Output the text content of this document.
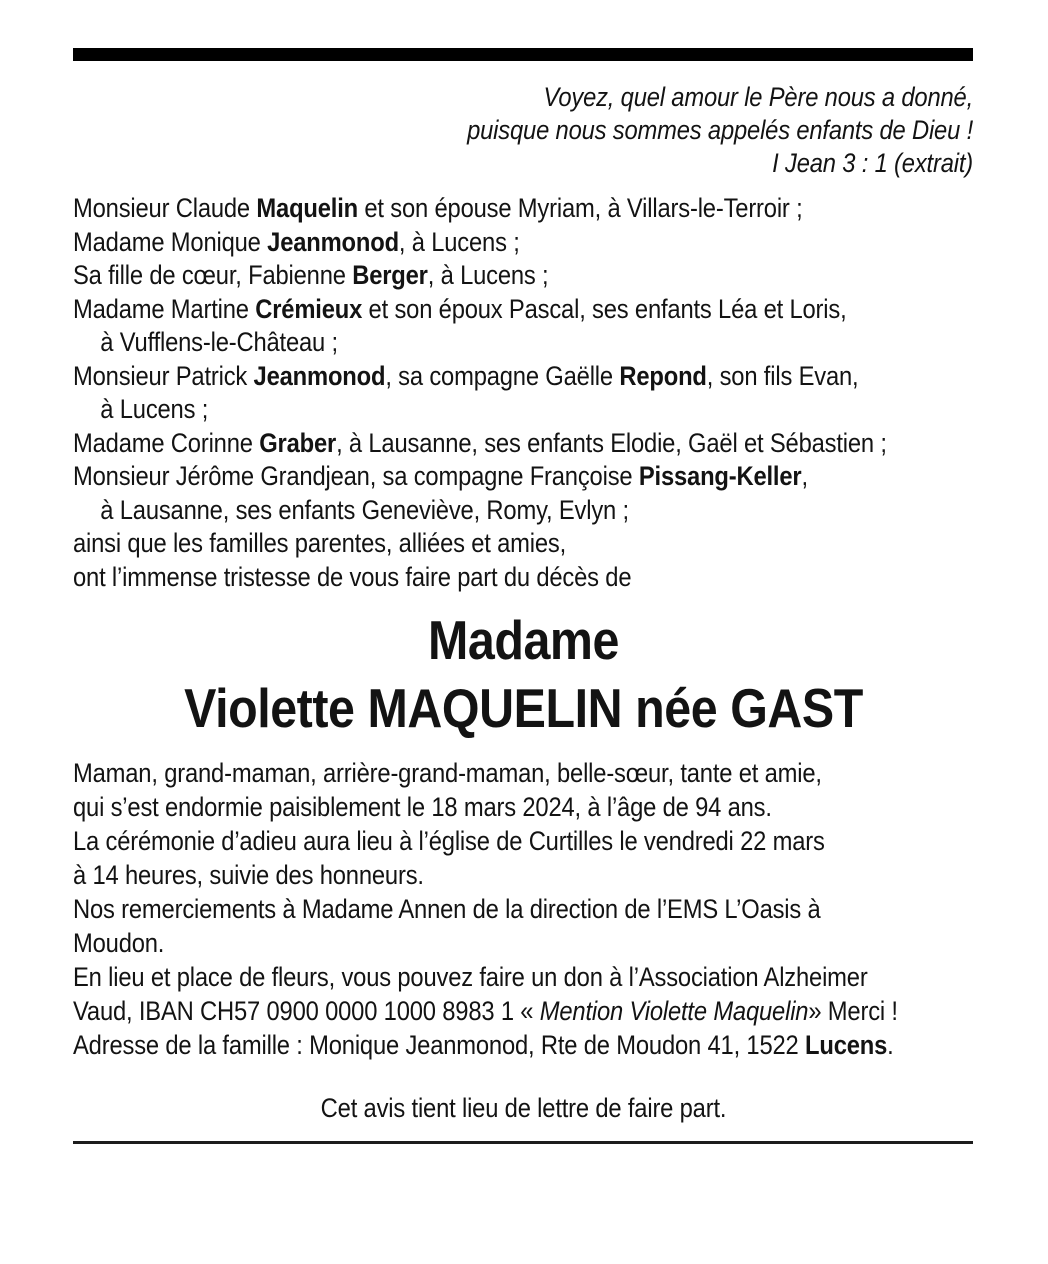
Voyez, quel amour le Père nous a donné,
puisque nous sommes appelés enfants de Dieu !
I Jean 3 : 1 (extrait)
Monsieur Claude Maquelin et son épouse Myriam, à Villars-le-Terroir ;
Madame Monique Jeanmonod, à Lucens ;
Sa fille de cœur, Fabienne Berger, à Lucens ;
Madame Martine Crémieux et son époux Pascal, ses enfants Léa et Loris,
à Vufflens-le-Château ;
Monsieur Patrick Jeanmonod, sa compagne Gaëlle Repond, son fils Evan,
à Lucens ;
Madame Corinne Graber, à Lausanne, ses enfants Elodie, Gaël et Sébastien ;
Monsieur Jérôme Grandjean, sa compagne Françoise Pissang-Keller,
à Lausanne, ses enfants Geneviève, Romy, Evlyn ;
ainsi que les familles parentes, alliées et amies,
ont l’immense tristesse de vous faire part du décès de
Madame
Violette MAQUELIN née GAST
Maman, grand-maman, arrière-grand-maman, belle-sœur, tante et amie,
qui s’est endormie paisiblement le 18 mars 2024, à l’âge de 94 ans.
La cérémonie d’adieu aura lieu à l’église de Curtilles le vendredi 22 mars
à 14 heures, suivie des honneurs.
Nos remerciements à Madame Annen de la direction de l’EMS L’Oasis à
Moudon.
En lieu et place de fleurs, vous pouvez faire un don à l’Association Alzheimer
Vaud, IBAN CH57 0900 0000 1000 8983 1 « Mention Violette Maquelin» Merci !
Adresse de la famille : Monique Jeanmonod, Rte de Moudon 41, 1522 Lucens.
Cet avis tient lieu de lettre de faire part.
